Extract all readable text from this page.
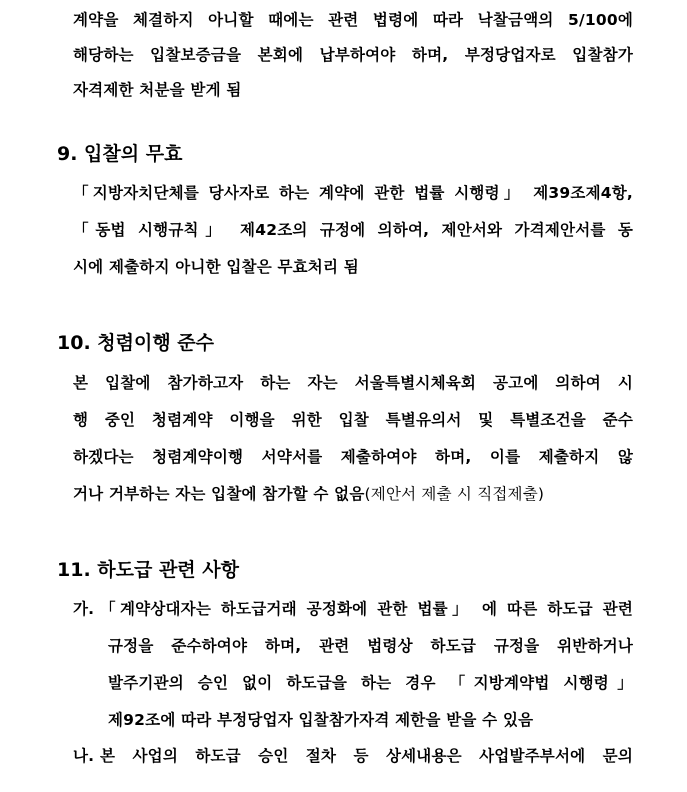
계약을 체결하지 아니할 때에는 관련 법령에 따라 낙찰금액의 5/100에
해당하는 입찰보증금을 본회에 납부하여야 하며, 부정당업자로 입찰참가
자격제한 처분을 받게 됨
9. 입찰의 무효
「지방자치단체를 당사자로 하는 계약에 관한 법률 시행령」 제39조제4항,
「동법 시행규칙」 제42조의 규정에 의하여, 제안서와 가격제안서를 동
시에 제출하지 아니한 입찰은 무효처리 됨
10. 청렴이행 준수
본 입찰에 참가하고자 하는 자는 서울특별시체육회 공고에 의하여 시
행 중인 청렴계약 이행을 위한 입찰 특별유의서 및 특별조건을 준수
하겠다는 청렴계약이행 서약서를 제출하여야 하며, 이를 제출하지 않
거나 거부하는 자는 입찰에 참가할 수 없음(제안서 제출 시 직접제출)
11. 하도급 관련 사항
가. 「계약상대자는 하도급거래 공정화에 관한 법률」 에 따른 하도급 관련
규정을 준수하여야 하며, 관련 법령상 하도급 규정을 위반하거나
발주기관의 승인 없이 하도급을 하는 경우 「지방계약법 시행령」
제92조에 따라 부정당업자 입찰참가자격 제한을 받을 수 있음
나. 본 사업의 하도급 승인 절차 등 상세내용은 사업발주부서에 문의
